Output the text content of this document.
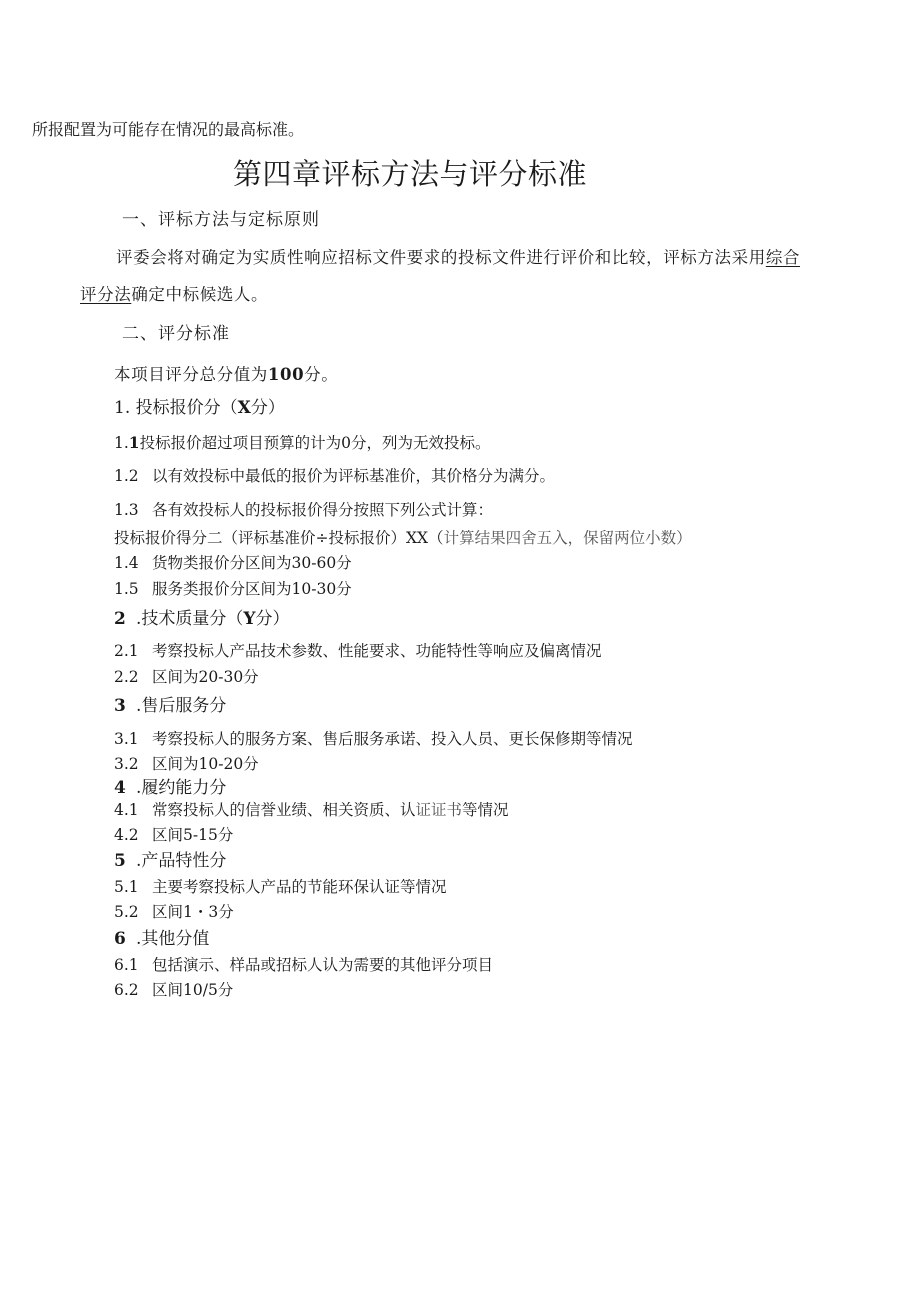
所报配置为可能存在情况的最高标准。
第四章评标方法与评分标准
一、评标方法与定标原则
评委会将对确定为实质性响应招标文件要求的投标文件进行评价和比较，评标方法采用综合
评分法确定中标候选人。
二、评分标准
本项目评分总分值为100分。
1. 投标报价分（X分）
1.1投标报价超过项目预算的计为0分，列为无效投标。
1.2 以有效投标中最低的报价为评标基准价，其价格分为满分。
1.3 各有效投标人的投标报价得分按照下列公式计算：
投标报价得分二（评标基准价÷投标报价）XX（计算结果四舍五入，保留两位小数）
1.4 货物类报价分区间为30-60分
1.5 服务类报价分区间为10-30分
2 .技术质量分（Y分）
2.1 考察投标人产品技术参数、性能要求、功能特性等响应及偏离情况
2.2 区间为20-30分
3 .售后服务分
3.1 考察投标人的服务方案、售后服务承诺、投入人员、更长保修期等情况
3.2 区间为10-20分
4 .履约能力分
4.1 常察投标人的信誉业绩、相关资质、认证证书等情况
4.2 区间5-15分
5 .产品特性分
5.1 主要考察投标人产品的节能环保认证等情况
5.2 区间1・3分
6 .其他分值
6.1 包括演示、样品或招标人认为需要的其他评分项目
6.2 区间10/5分
